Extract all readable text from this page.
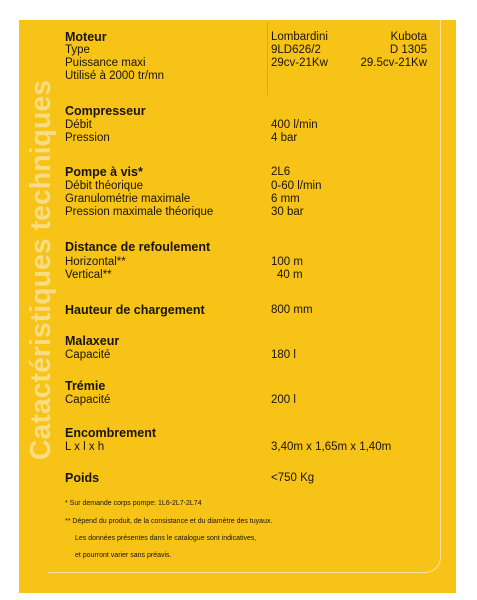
Catactéristiques techniques
Moteur	Lombardini	Kubota
Type	9LD626/2	D 1305
Puissance maxi	29cv-21Kw	29.5cv-21Kw
Utilisé à 2000 tr/mn
Compresseur
Débit	400 l/min
Pression	4 bar
Pompe à vis*	2L6
Débit théorique	0-60 l/min
Granulométrie maximale	6 mm
Pression maximale théorique	30 bar
Distance de refoulement
Horizontal**	100 m
Vertical**	40 m
Hauteur de chargement	800 mm
Malaxeur
Capacité	180 l
Trémie
Capacité	200 l
Encombrement
L x l x h	3,40m x 1,65m x 1,40m
Poids	<750 Kg
* Sur demande corps pompe: 1L6-2L7-2L74
** Dépend du produit, de la consistance et du diamètre des tuyaux.
Les données présentes dans le catalogue sont indicatives,
et pourront varier sans préavis.
